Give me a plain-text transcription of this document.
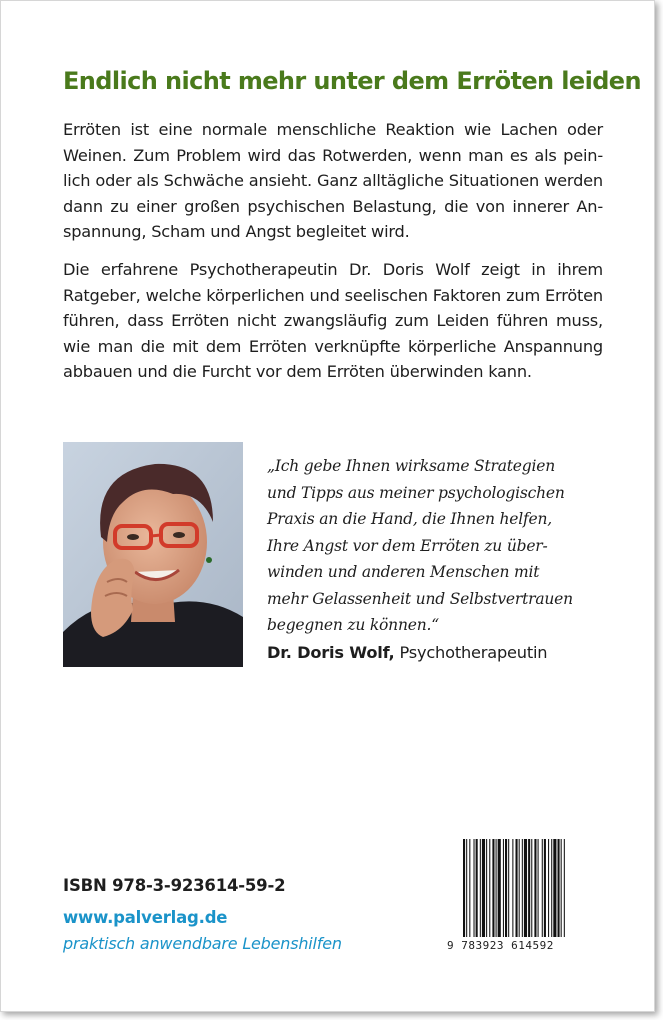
Endlich nicht mehr unter dem Erröten leiden

Erröten ist eine normale menschliche Reaktion wie Lachen oder
Weinen. Zum Problem wird das Rotwerden, wenn man es als pein-
lich oder als Schwäche ansieht. Ganz alltägliche Situationen werden
dann zu einer großen psychischen Belastung, die von innerer An-
spannung, Scham und Angst begleitet wird.

Die erfahrene Psychotherapeutin Dr. Doris Wolf zeigt in ihrem
Ratgeber, welche körperlichen und seelischen Faktoren zum Erröten
führen, dass Erröten nicht zwangsläufig zum Leiden führen muss,
wie man die mit dem Erröten verknüpfte körperliche Anspannung
abbauen und die Furcht vor dem Erröten überwinden kann.

„Ich gebe Ihnen wirksame Strategien
und Tipps aus meiner psychologischen
Praxis an die Hand, die Ihnen helfen,
Ihre Angst vor dem Erröten zu über-
winden und anderen Menschen mit
mehr Gelassenheit und Selbstvertrauen
begegnen zu können.“

Dr. Doris Wolf, Psychotherapeutin
ISBN 978-3-923614-59-2
www.palverlag.de
praktisch anwendbare Lebenshilfen	9 783923 614592
